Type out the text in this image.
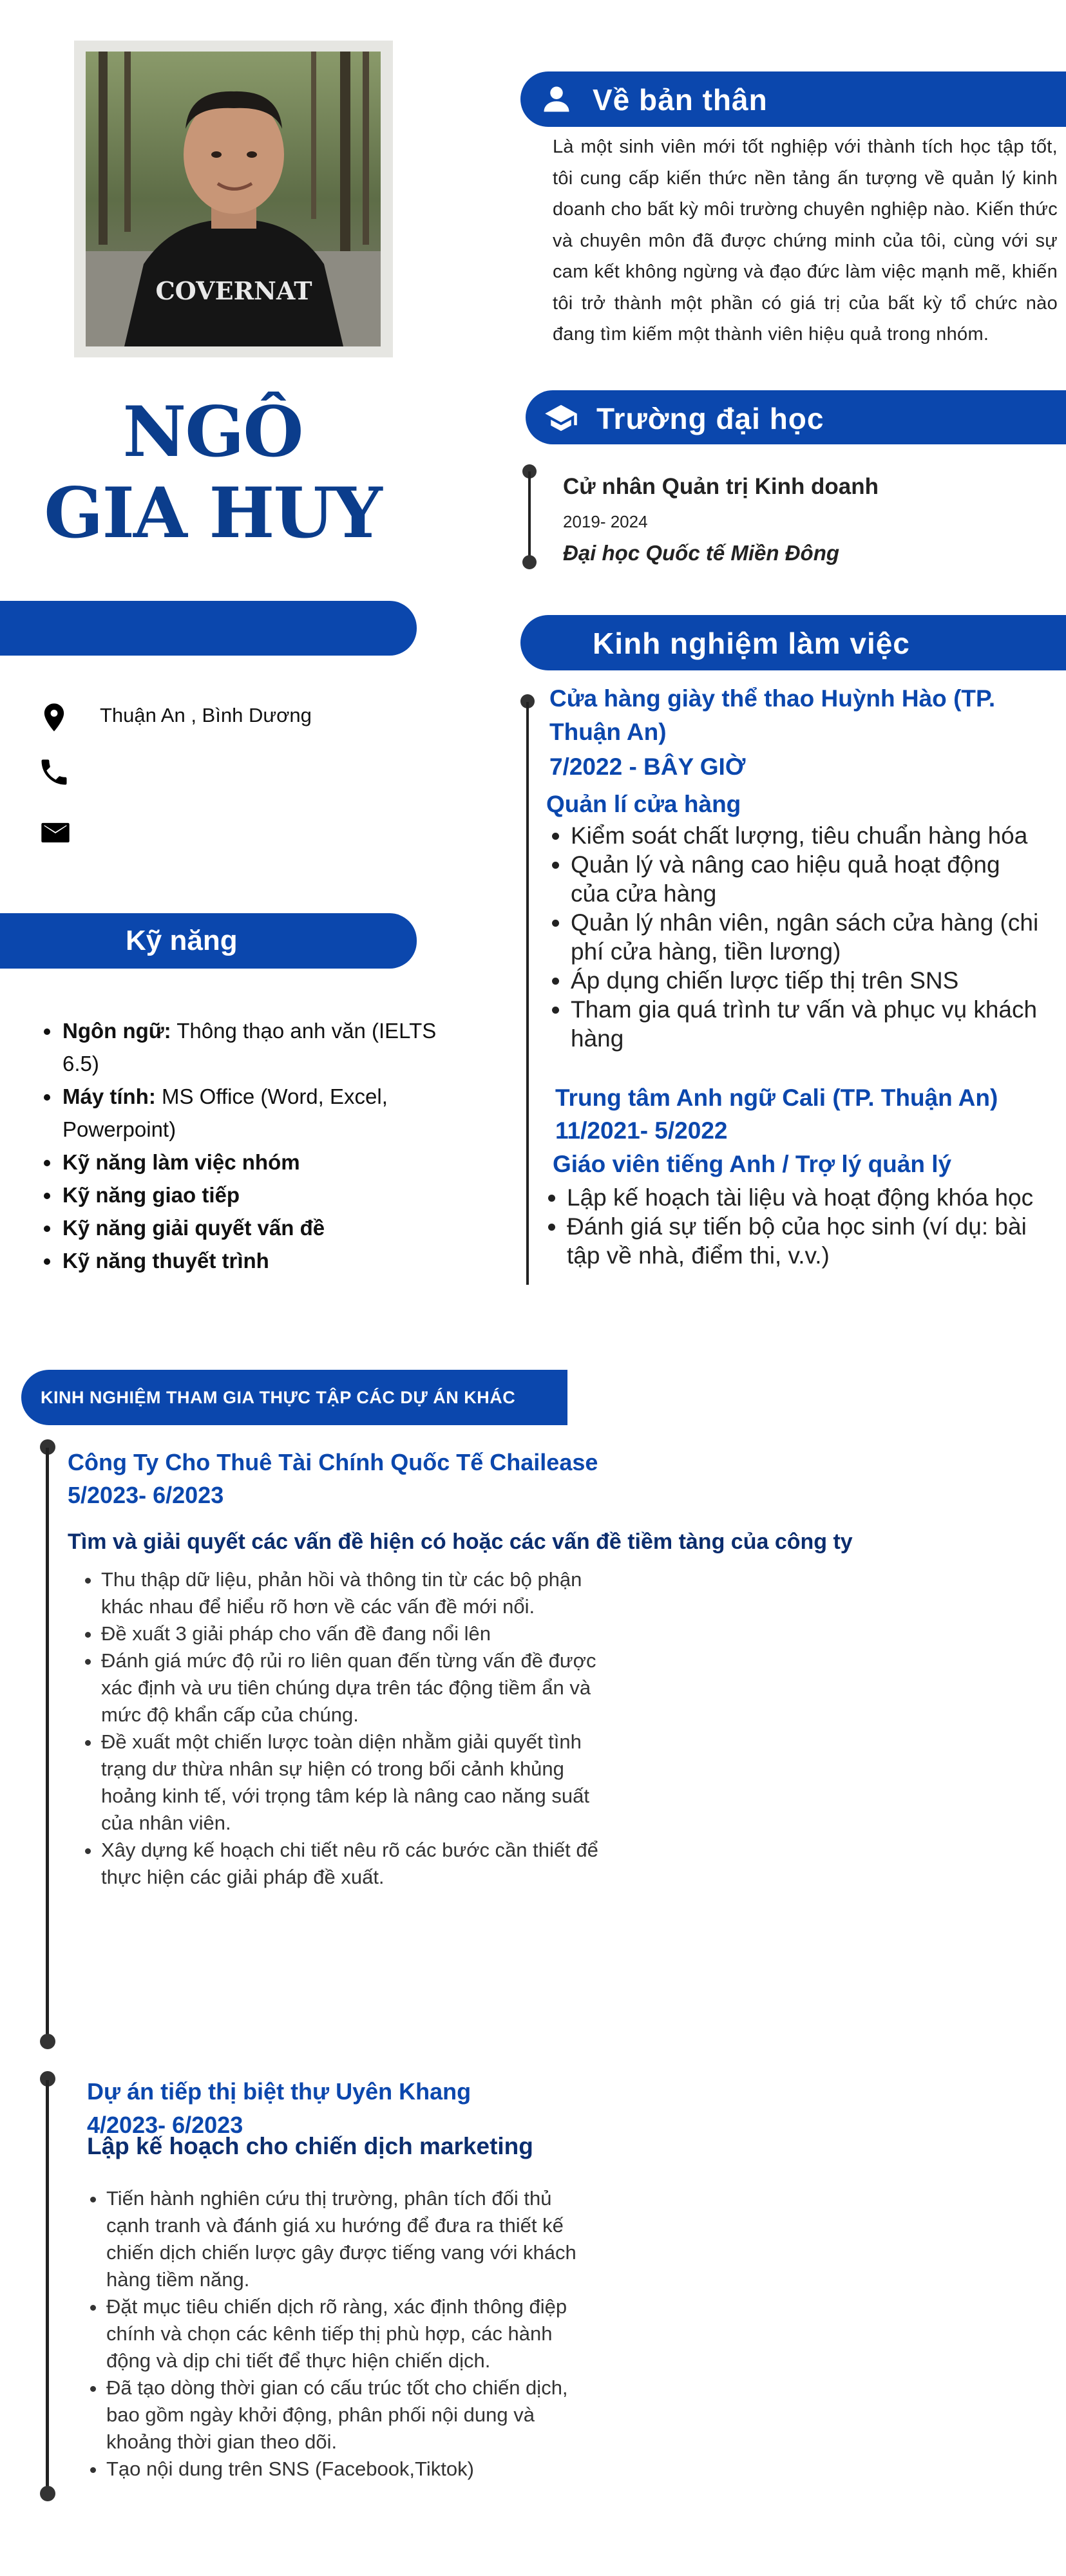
COVERNAT
NGÔ
GIA HUY
Thuận An , Bình Dương
Kỹ năng
• Ngôn ngữ: Thông thạo anh văn (IELTS 6.5)
• Máy tính: MS Office (Word, Excel, Powerpoint)
• Kỹ năng làm việc nhóm
• Kỹ năng giao tiếp
• Kỹ năng giải quyết vấn đề
• Kỹ năng thuyết trình
Về bản thân
Là một sinh viên mới tốt nghiệp với thành tích học tập tốt, tôi cung cấp kiến thức nền tảng ấn tượng về quản lý kinh doanh cho bất kỳ môi trường chuyên nghiệp nào. Kiến thức và chuyên môn đã được chứng minh của tôi, cùng với sự cam kết không ngừng và đạo đức làm việc mạnh mẽ, khiến tôi trở thành một phần có giá trị của bất kỳ tổ chức nào đang tìm kiếm một thành viên hiệu quả trong nhóm.
Trường đại học
Cử nhân Quản trị Kinh doanh
2019- 2024
Đại học Quốc tế Miền Đông
Kinh nghiệm làm việc
Cửa hàng giày thể thao Huỳnh Hào (TP. Thuận An)
7/2022 - BÂY GIỜ
Quản lí cửa hàng
• Kiểm soát chất lượng, tiêu chuẩn hàng hóa
• Quản lý và nâng cao hiệu quả hoạt động của cửa hàng
• Quản lý nhân viên, ngân sách cửa hàng (chi phí cửa hàng, tiền lương)
• Áp dụng chiến lược tiếp thị trên SNS
• Tham gia quá trình tư vấn và phục vụ khách hàng
Trung tâm Anh ngữ Cali (TP. Thuận An)
11/2021- 5/2022
Giáo viên tiếng Anh / Trợ lý quản lý
• Lập kế hoạch tài liệu và hoạt động khóa học
• Đánh giá sự tiến bộ của học sinh (ví dụ: bài tập về nhà, điểm thi, v.v.)
KINH NGHIỆM THAM GIA THỰC TẬP CÁC DỰ ÁN KHÁC
Công Ty Cho Thuê Tài Chính Quốc Tế Chailease
5/2023- 6/2023
Tìm và giải quyết các vấn đề hiện có hoặc các vấn đề tiềm tàng của công ty
• Thu thập dữ liệu, phản hồi và thông tin từ các bộ phận khác nhau để hiểu rõ hơn về các vấn đề mới nổi.
• Đề xuất 3 giải pháp cho vấn đề đang nổi lên
• Đánh giá mức độ rủi ro liên quan đến từng vấn đề được xác định và ưu tiên chúng dựa trên tác động tiềm ẩn và mức độ khẩn cấp của chúng.
• Đề xuất một chiến lược toàn diện nhằm giải quyết tình trạng dư thừa nhân sự hiện có trong bối cảnh khủng hoảng kinh tế, với trọng tâm kép là nâng cao năng suất của nhân viên.
• Xây dựng kế hoạch chi tiết nêu rõ các bước cần thiết để thực hiện các giải pháp đề xuất.
Dự án tiếp thị biệt thự Uyên Khang
4/2023- 6/2023
Lập kế hoạch cho chiến dịch marketing
• Tiến hành nghiên cứu thị trường, phân tích đối thủ cạnh tranh và đánh giá xu hướng để đưa ra thiết kế chiến dịch chiến lược gây được tiếng vang với khách hàng tiềm năng.
• Đặt mục tiêu chiến dịch rõ ràng, xác định thông điệp chính và chọn các kênh tiếp thị phù hợp, các hành động và dịp chi tiết để thực hiện chiến dịch.
• Đã tạo dòng thời gian có cấu trúc tốt cho chiến dịch, bao gồm ngày khởi động, phân phối nội dung và khoảng thời gian theo dõi.
• Tạo nội dung trên SNS (Facebook,Tiktok)
